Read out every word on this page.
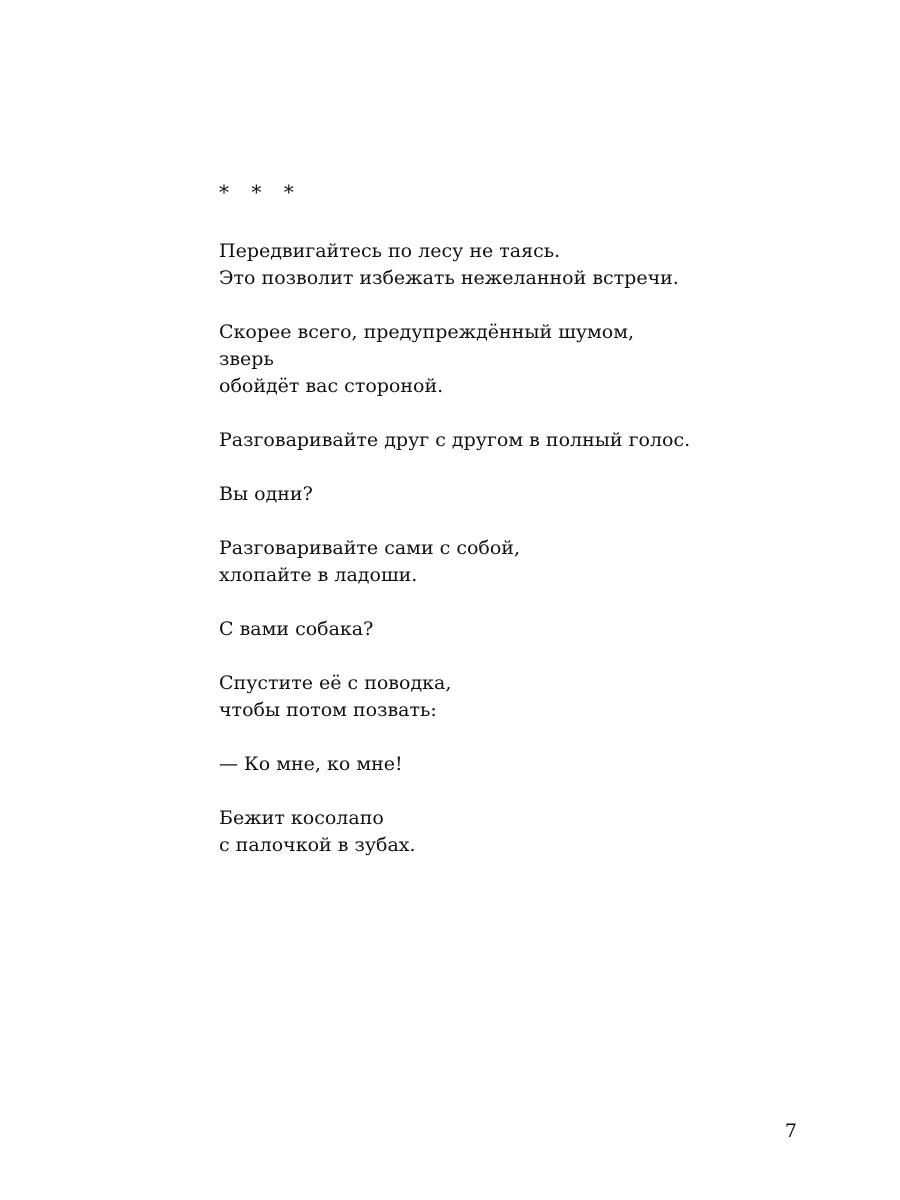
* * *
Передвигайтесь по лесу не таясь.
Это позволит избежать нежеланной встречи.
Скорее всего, предупреждённый шумом,
зверь
обойдёт вас стороной.
Разговаривайте друг с другом в полный голос.
Вы одни?
Разговаривайте сами с собой,
хлопайте в ладоши.
С вами собака?
Спустите её с поводка,
чтобы потом позвать:
— Ко мне, ко мне!
Бежит косолапо
с палочкой в зубах.
7
